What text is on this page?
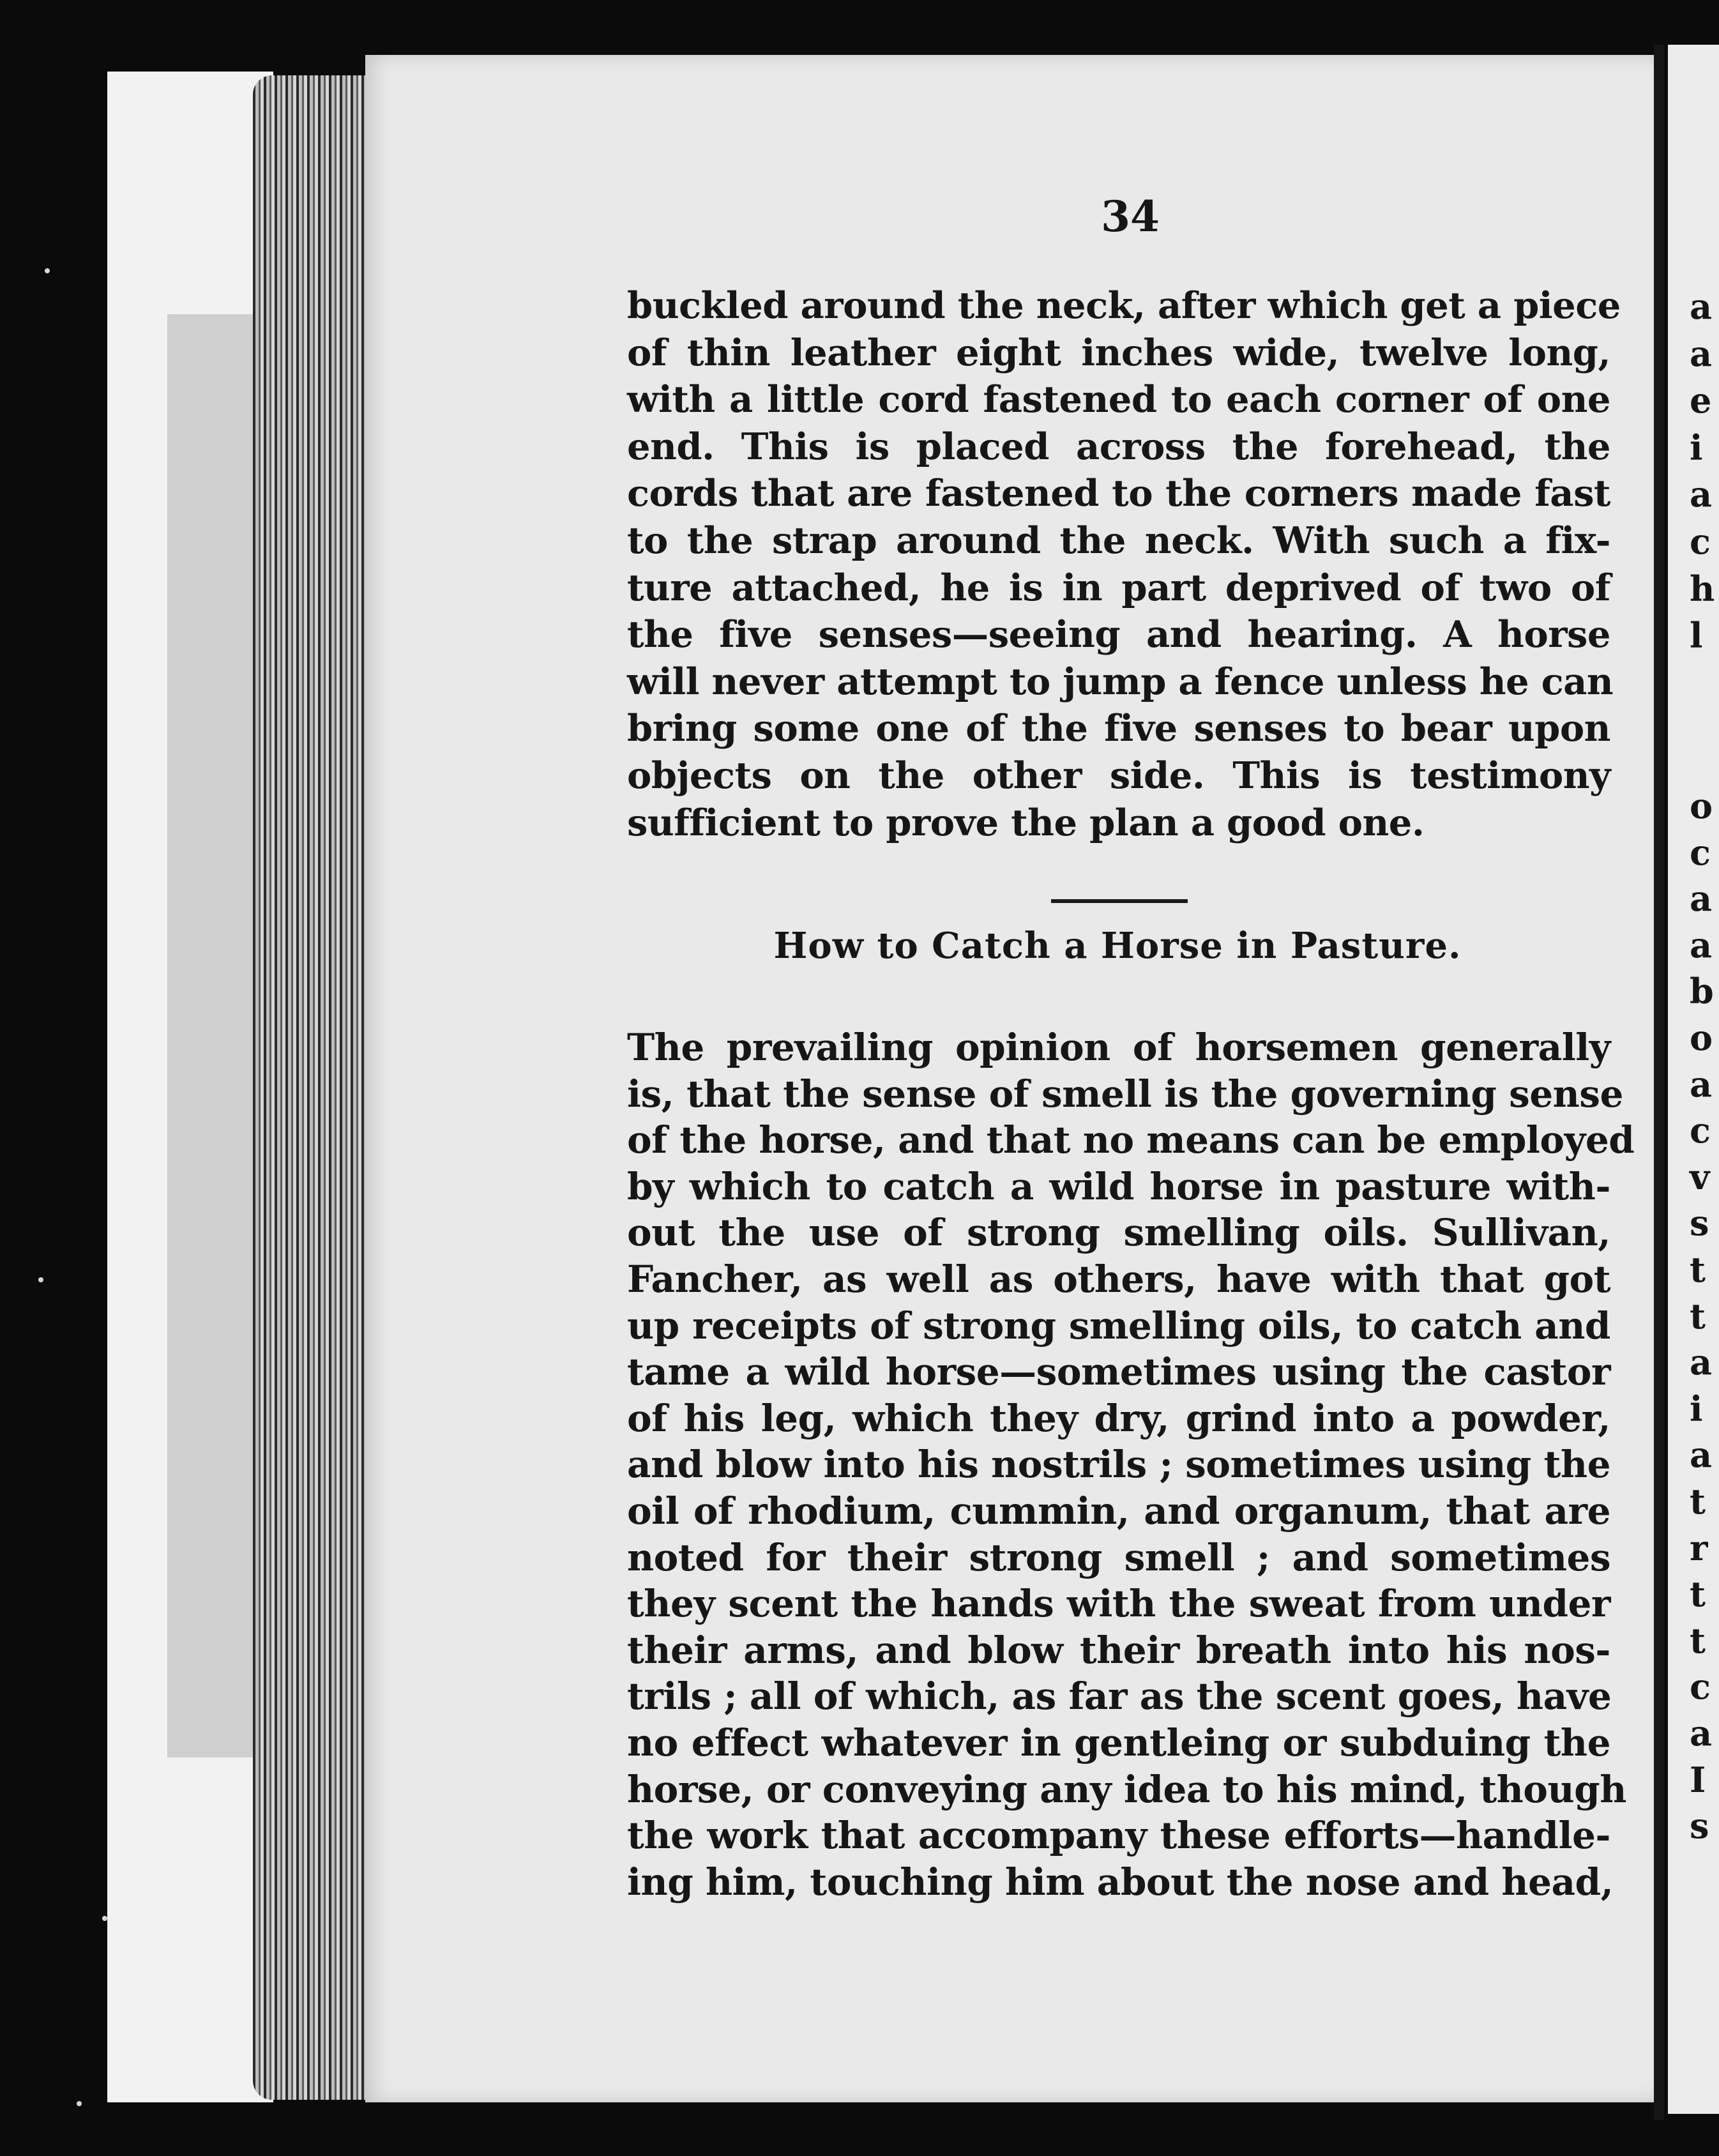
34

buckled around the neck, after which get a piece
of thin leather eight inches wide, twelve long,
with a little cord fastened to each corner of one
end. This is placed across the forehead, the
cords that are fastened to the corners made fast
to the strap around the neck. With such a fix-
ture attached, he is in part deprived of two of
the five senses—seeing and hearing. A horse
will never attempt to jump a fence unless he can
bring some one of the five senses to bear upon
objects on the other side. This is testimony
sufficient to prove the plan a good one.

How to Catch a Horse in Pasture.

The prevailing opinion of horsemen generally
is, that the sense of smell is the governing sense
of the horse, and that no means can be employed
by which to catch a wild horse in pasture with-
out the use of strong smelling oils. Sullivan,
Fancher, as well as others, have with that got
up receipts of strong smelling oils, to catch and
tame a wild horse—sometimes using the castor
of his leg, which they dry, grind into a powder,
and blow into his nostrils ; sometimes using the
oil of rhodium, cummin, and organum, that are
noted for their strong smell ; and sometimes
they scent the hands with the sweat from under
their arms, and blow their breath into his nos-
trils ; all of which, as far as the scent goes, have
no effect whatever in gentleing or subduing the
horse, or conveying any idea to his mind, though
the work that accompany these efforts—handle-
ing him, touching him about the nose and head,
a
a
e
i
a
c
h
l
o
c
a
a
b
o
a
c
v
s
t
t
a
i
a
t
r
t
t
c
a
I
s
